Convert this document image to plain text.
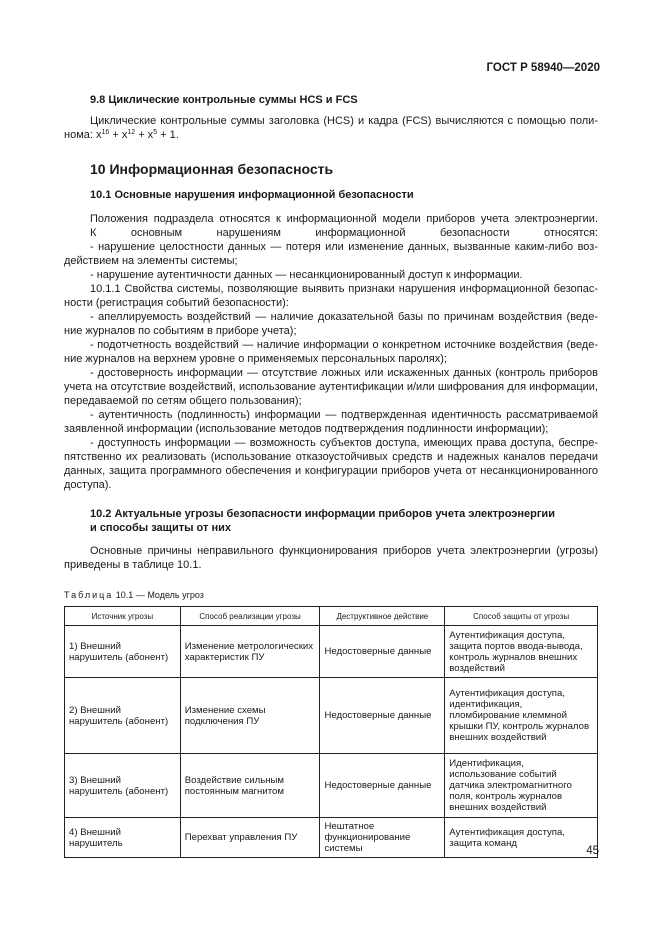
ГОСТ Р 58940—2020
9.8 Циклические контрольные суммы HCS и FCS
Циклические контрольные суммы заголовка (HCS) и кадра (FCS) вычисляются с помощью поли-
нома: $x^{16} + x^{12} + x^5 + 1$.
10 Информационная безопасность
10.1 Основные нарушения информационной безопасности
Положения подраздела относятся к информационной модели приборов учета электроэнергии.
К основным нарушениям информационной безопасности относятся:
- нарушение целостности данных — потеря или изменение данных, вызванные каким-либо воз-
действием на элементы системы;
- нарушение аутентичности данных — несанкционированный доступ к информации.
10.1.1 Свойства системы, позволяющие выявить признаки нарушения информационной безопас-
ности (регистрация событий безопасности):
- апеллируемость воздействий — наличие доказательной базы по причинам воздействия (веде-
ние журналов по событиям в приборе учета);
- подотчетность воздействий — наличие информации о конкретном источнике воздействия (веде-
ние журналов на верхнем уровне о применяемых персональных паролях);
- достоверность информации — отсутствие ложных или искаженных данных (контроль приборов
учета на отсутствие воздействий, использование аутентификации и/или шифрования для информации,
передаваемой по сетям общего пользования);
- аутентичность (подлинность) информации — подтвержденная идентичность рассматриваемой
заявленной информации (использование методов подтверждения подлинности информации);
- доступность информации — возможность субъектов доступа, имеющих права доступа, беспре-
пятственно их реализовать (использование отказоустойчивых средств и надежных каналов передачи
данных, защита программного обеспечения и конфигурации приборов учета от несанкционированного
доступа).
10.2 Актуальные угрозы безопасности информации приборов учета электроэнергии
и способы защиты от них
Основные причины неправильного функционирования приборов учета электроэнергии (угрозы)
приведены в таблице 10.1.
Таблица 10.1 — Модель угроз
Источник угрозы	Способ реализации угрозы	Деструктивное действие	Способ защиты от угрозы
1) Внешний нарушитель (абонент)	Изменение метрологических характеристик ПУ	Недостоверные данные	Аутентификация доступа, защита портов ввода-вывода, контроль журналов внешних воздействий
2) Внешний нарушитель (абонент)	Изменение схемы подключения ПУ	Недостоверные данные	Аутентификация доступа, идентификация, пломбирование клеммной крышки ПУ, контроль журналов внешних воздействий
3) Внешний нарушитель (абонент)	Воздействие сильным постоянным магнитом	Недостоверные данные	Идентификация, использование событий датчика электромагнитного поля, контроль журналов внешних воздействий
4) Внешний нарушитель	Перехват управления ПУ	Нештатное функционирование системы	Аутентификация доступа, защита команд
45
